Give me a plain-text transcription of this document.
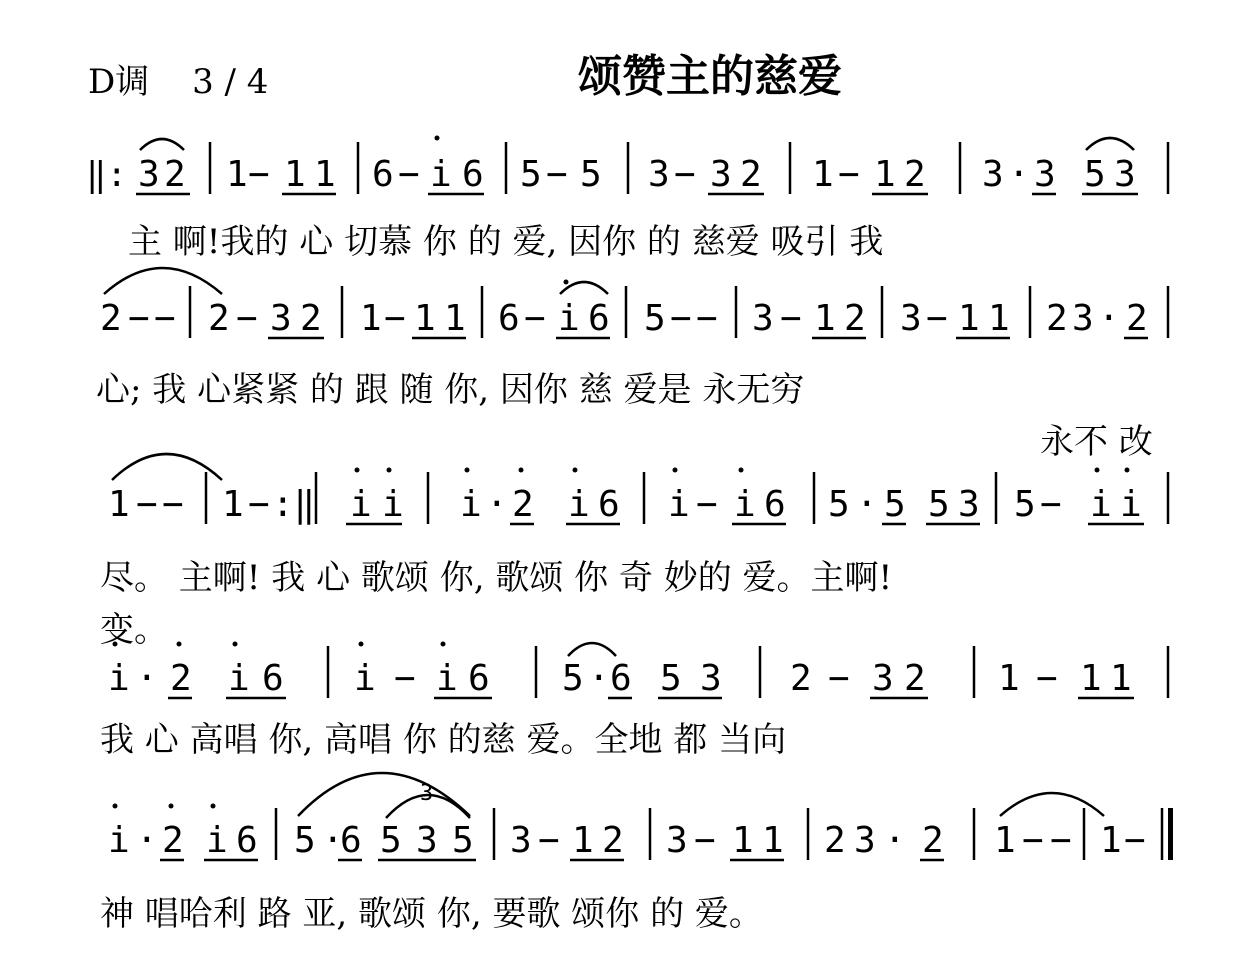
D调 3 / 4	颂赞主的慈爱
‖: 3 2 1 − 1 1 6 − i 6 5 − 5 3 − 3 2 1 − 1 2 3 · 3 5 3
2 − − 2 − 3 2 1 − 1 1 6 − i 6 5 − − 3 − 1 2 3 − 1 1 2 3 · 2
1 − − 1 − :‖ i i i · 2 i 6 i − i 6 5 · 5 5 3 5 − i i
i · 2 i 6 i − i 6 5 · 6 5 3 2 − 3 2 1 − 1 1
i · 2 i 6 5 ·
6 5 3 5 3 − 1 2 3 − 1 1 2 3 · 2 1 − − 1 −
3
主 啊!我的 心 切慕 你 的 爱, 因你 的 慈爱 吸引 我
心; 我 心紧紧 的 跟 随 你, 因你 慈 爱是 永无穷
永不 改
尽。 主啊! 我 心 歌颂 你, 歌颂 你 奇 妙的 爱。主啊!
变。
我 心 高唱 你, 高唱 你 的慈 爱。全地 都 当向
神 唱哈利 路 亚, 歌颂 你, 要歌 颂你 的 爱。
